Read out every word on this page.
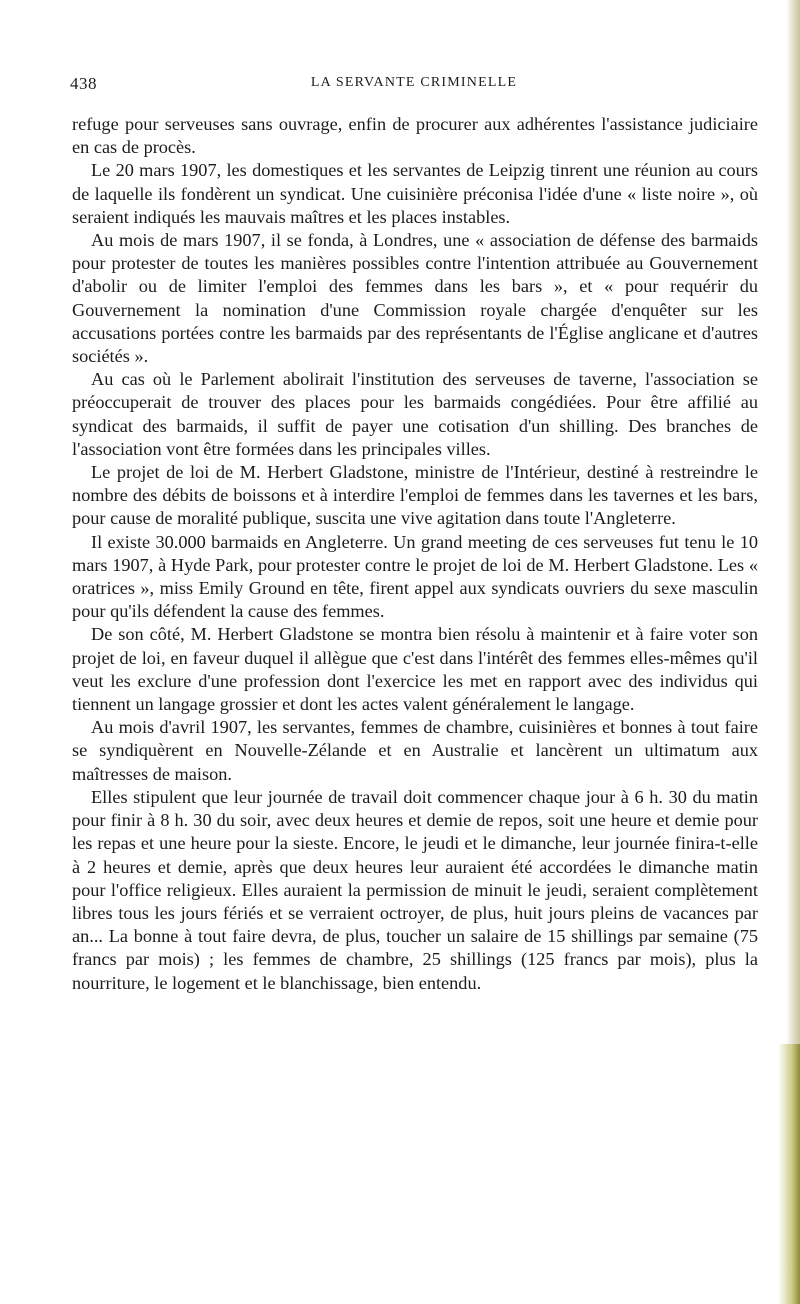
438	LA SERVANTE CRIMINELLE

refuge pour serveuses sans ouvrage, enfin de procurer aux adhérentes l'assistance judiciaire en cas de procès.

Le 20 mars 1907, les domestiques et les servantes de Leipzig tinrent une réunion au cours de laquelle ils fondèrent un syndicat. Une cuisinière préconisa l'idée d'une « liste noire », où seraient indiqués les mauvais maîtres et les places instables.

Au mois de mars 1907, il se fonda, à Londres, une « association de défense des barmaids pour protester de toutes les manières possibles contre l'intention attribuée au Gouvernement d'abolir ou de limiter l'emploi des femmes dans les bars », et « pour requérir du Gouvernement la nomination d'une Commission royale chargée d'enquêter sur les accusations portées contre les barmaids par des représentants de l'Église anglicane et d'autres sociétés ».

Au cas où le Parlement abolirait l'institution des serveuses de taverne, l'association se préoccuperait de trouver des places pour les barmaids congédiées. Pour être affilié au syndicat des barmaids, il suffit de payer une cotisation d'un shilling. Des branches de l'association vont être formées dans les principales villes.

Le projet de loi de M. Herbert Gladstone, ministre de l'Intérieur, destiné à restreindre le nombre des débits de boissons et à interdire l'emploi de femmes dans les tavernes et les bars, pour cause de moralité publique, suscita une vive agitation dans toute l'Angleterre.

Il existe 30.000 barmaids en Angleterre. Un grand meeting de ces serveuses fut tenu le 10 mars 1907, à Hyde Park, pour protester contre le projet de loi de M. Herbert Gladstone. Les « oratrices », miss Emily Ground en tête, firent appel aux syndicats ouvriers du sexe masculin pour qu'ils défendent la cause des femmes.

De son côté, M. Herbert Gladstone se montra bien résolu à maintenir et à faire voter son projet de loi, en faveur duquel il allègue que c'est dans l'intérêt des femmes elles-mêmes qu'il veut les exclure d'une profession dont l'exercice les met en rapport avec des individus qui tiennent un langage grossier et dont les actes valent généralement le langage.

Au mois d'avril 1907, les servantes, femmes de chambre, cuisinières et bonnes à tout faire se syndiquèrent en Nouvelle-Zélande et en Australie et lancèrent un ultimatum aux maîtresses de maison.

Elles stipulent que leur journée de travail doit commencer chaque jour à 6 h. 30 du matin pour finir à 8 h. 30 du soir, avec deux heures et demie de repos, soit une heure et demie pour les repas et une heure pour la sieste. Encore, le jeudi et le dimanche, leur journée finira-t-elle à 2 heures et demie, après que deux heures leur auraient été accordées le dimanche matin pour l'office religieux. Elles auraient la permission de minuit le jeudi, seraient complètement libres tous les jours fériés et se verraient octroyer, de plus, huit jours pleins de vacances par an... La bonne à tout faire devra, de plus, toucher un salaire de 15 shillings par semaine (75 francs par mois) ; les femmes de chambre, 25 shillings (125 francs par mois), plus la nourriture, le logement et le blanchissage, bien entendu.
